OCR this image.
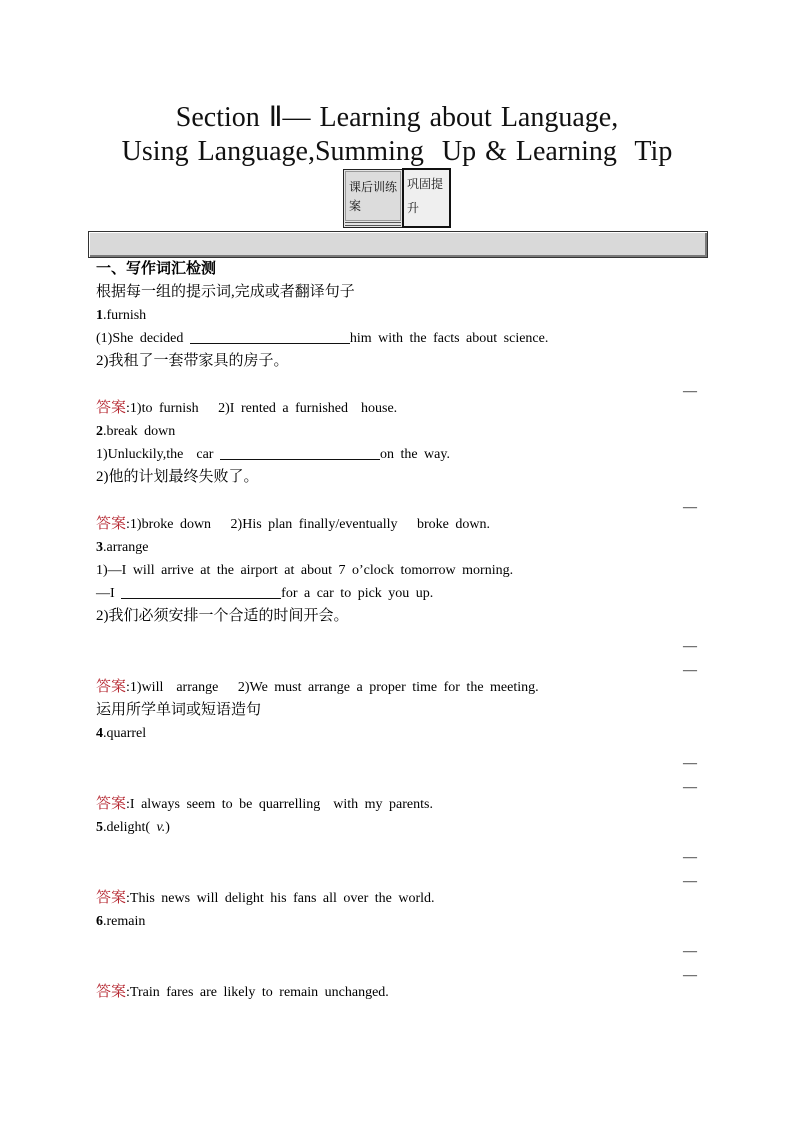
Section Ⅱ— Learning about Language,
Using Language,Summing  Up & Learning  Tip
课后训练案
巩固提升
一、写作词汇检测
根据每一组的提示词,完成或者翻译句子
1 . furnish
(1)She decided	him with the facts about science.
2)我租了一套带家具的房子。
—
答案 : 1)to furnish   2)I rented a furnished  house.
2 . break down
1)Unluckily,the  car	on the way.
2)他的计划最终失败了。
—
答案 : 1)broke down   2)His plan finally/eventually   broke down.
3 . arrange
1)—I will arrive at the airport at about 7 o’clock tomorrow morning.
—I	for a car to pick you up.
2)我们必须安排一个合适的时间开会。
—
—
答案 : 1)will  arrange   2)We must arrange a proper time for the meeting.
运用所学单词或短语造句
4 . quarrel
—
—
答案 : I always seem to be quarrelling  with my parents.
5 . delight( v. )
—
—
答案 : This news will delight his fans all over the world.
6 . remain
—
—
答案 : Train fares are likely to remain unchanged.
